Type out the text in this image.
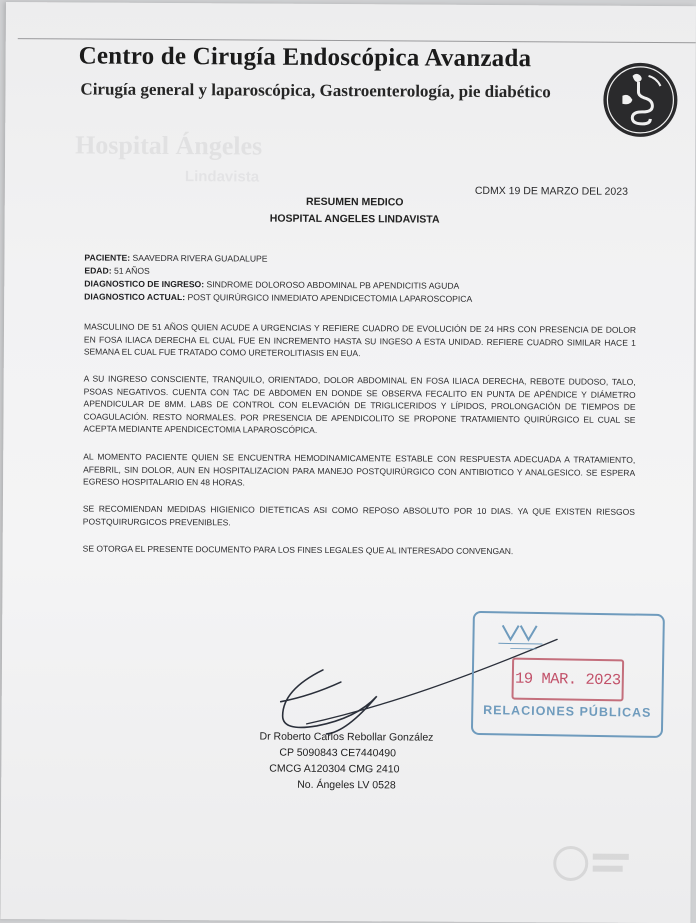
Centro de Cirugía Endoscópica Avanzada
Cirugía general y laparoscópica, Gastroenterología, pie diabético
Hospital Ángeles
Lindavista
CDMX 19 DE MARZO DEL 2023
RESUMEN MEDICO
HOSPITAL ANGELES LINDAVISTA
PACIENTE: SAAVEDRA RIVERA GUADALUPE
EDAD: 51 AÑOS
DIAGNOSTICO DE INGRESO: SINDROME DOLOROSO ABDOMINAL PB APENDICITIS AGUDA
DIAGNOSTICO ACTUAL: POST QUIRÚRGICO INMEDIATO APENDICECTOMIA LAPAROSCOPICA
MASCULINO DE 51 AÑOS QUIEN ACUDE A URGENCIAS Y REFIERE CUADRO DE EVOLUCIÓN DE 24 HRS CON PRESENCIA DE DOLOR EN FOSA ILIACA DERECHA EL CUAL FUE EN INCREMENTO HASTA SU INGESO A ESTA UNIDAD. REFIERE CUADRO SIMILAR HACE 1 SEMANA EL CUAL FUE TRATADO COMO URETEROLITIASIS EN EUA.
A SU INGRESO CONSCIENTE, TRANQUILO, ORIENTADO, DOLOR ABDOMINAL EN FOSA ILIACA DERECHA, REBOTE DUDOSO, TALO, PSOAS NEGATIVOS. CUENTA CON TAC DE ABDOMEN EN DONDE SE OBSERVA FECALITO EN PUNTA DE APÉNDICE Y DIÁMETRO APENDICULAR DE 8MM. LABS DE CONTROL CON ELEVACIÓN DE TRIGLICERIDOS Y LÍPIDOS, PROLONGACIÓN DE TIEMPOS DE COAGULACIÓN. RESTO NORMALES. POR PRESENCIA DE APENDICOLITO SE PROPONE TRATAMIENTO QUIRÚRGICO EL CUAL SE ACEPTA MEDIANTE APENDICECTOMIA LAPAROSCÓPICA.
AL MOMENTO PACIENTE QUIEN SE ENCUENTRA HEMODINAMICAMENTE ESTABLE CON RESPUESTA ADECUADA A TRATAMIENTO, AFEBRIL, SIN DOLOR, AUN EN HOSPITALIZACION PARA MANEJO POSTQUIRÚRGICO CON ANTIBIOTICO Y ANALGESICO. SE ESPERA EGRESO HOSPITALARIO EN 48 HORAS.
SE RECOMIENDAN MEDIDAS HIGIENICO DIETETICAS ASI COMO REPOSO ABSOLUTO POR 10 DIAS. YA QUE EXISTEN RIESGOS POSTQUIRURGICOS PREVENIBLES.
SE OTORGA EL PRESENTE DOCUMENTO PARA LOS FINES LEGALES QUE AL INTERESADO CONVENGAN.
19 MAR. 2023
RELACIONES PÚBLICAS
Dr Roberto Carlos Rebollar González
CP 5090843 CE7440490
CMCG A120304 CMG 2410
No. Ángeles LV 0528
